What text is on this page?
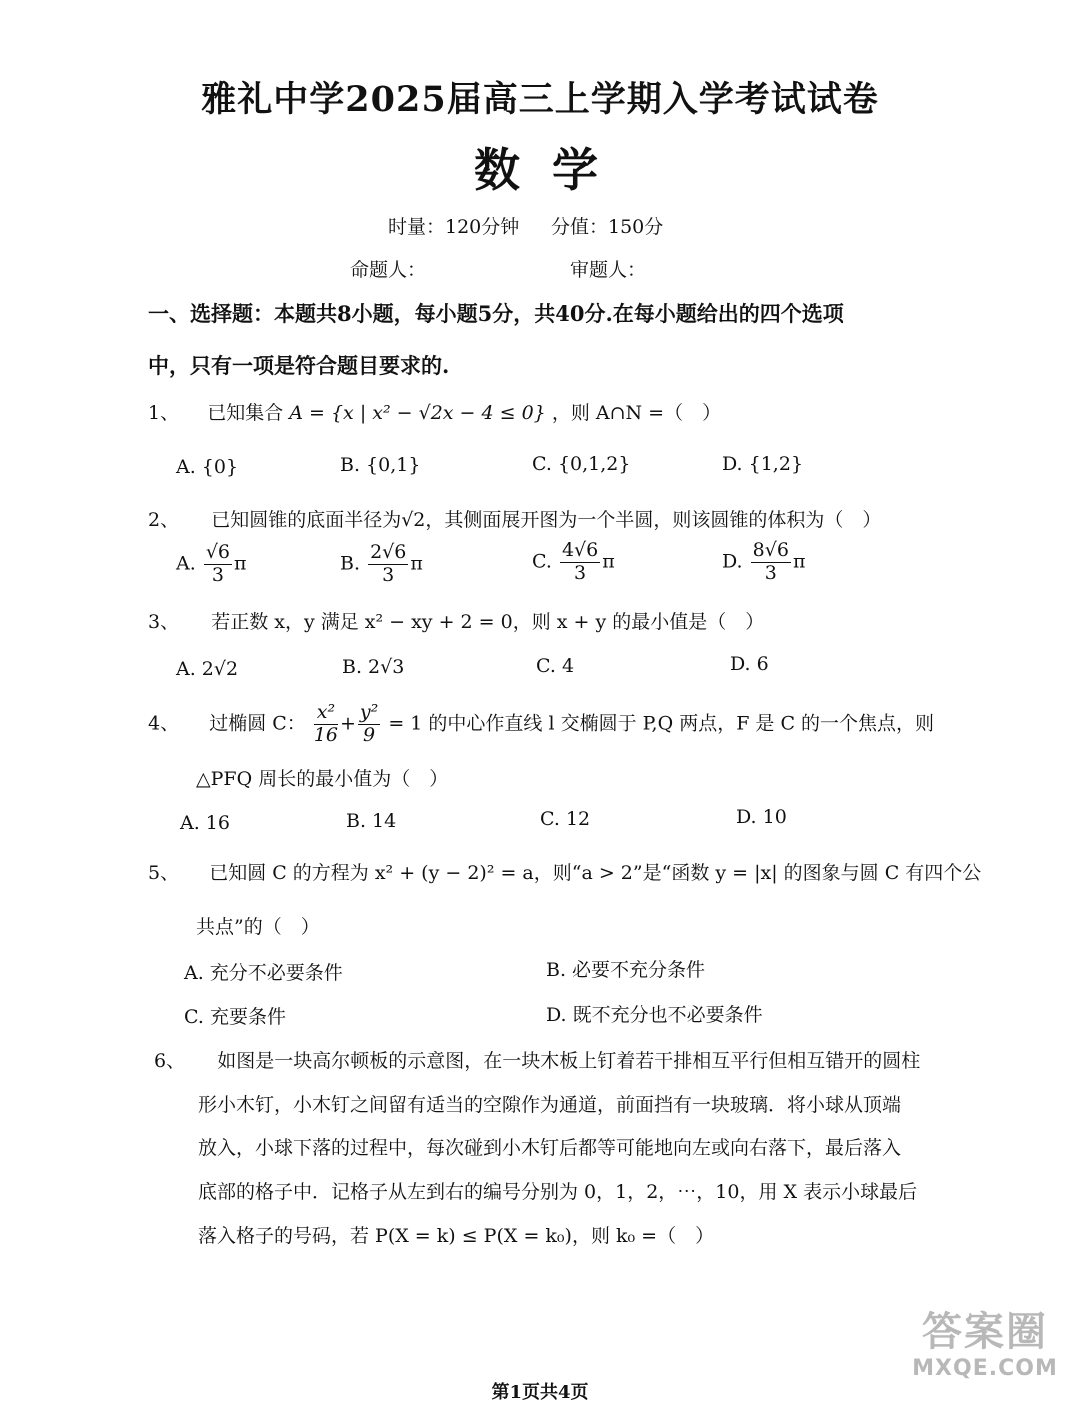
雅礼中学2025届高三上学期入学考试试卷
数 学
时量：120分钟 分值：150分
命题人：	审题人：
一、选择题：本题共8小题，每小题5分，共40分.在每小题给出的四个选项
中，只有一项是符合题目要求的.
1、 已知集合 A = {x | x² − √2x − 4 ≤ 0} ，则 A∩N =（　）
A. {0}	B. {0,1}	C. {0,1,2}	D. {1,2}
2、 已知圆锥的底面半径为√2，其侧面展开图为一个半圆，则该圆锥的体积为（　）
A. $\frac{√6}{3}$ π	B. $\frac{2√6}{3}$ π	C. $\frac{4√6}{3}$ π	D. $\frac{8√6}{3}$ π
3、 若正数 x，y 满足 x² − xy + 2 = 0，则 x + y 的最小值是（　）
A. 2√2	B. 2√3	C. 4	D. 6
4、 过椭圆 C： $\frac{\text{x²}}{16} + \frac{\text{y²}}{9} = 1$ 的中心作直线 l 交椭圆于 P,Q 两点，F 是 C 的一个焦点，则
△PFQ 周长的最小值为（　）
A. 16	B. 14	C. 12	D. 10
5、 已知圆 C 的方程为 x² + (y − 2)² = a，则“a > 2”是“函数 y = |x| 的图象与圆 C 有四个公
共点”的（　）
A. 充分不必要条件	B. 必要不充分条件
C. 充要条件	D. 既不充分也不必要条件
6、 如图是一块高尔顿板的示意图，在一块木板上钉着若干排相互平行但相互错开的圆柱
形小木钉，小木钉之间留有适当的空隙作为通道，前面挡有一块玻璃．将小球从顶端
放入，小球下落的过程中，每次碰到小木钉后都等可能地向左或向右落下，最后落入
底部的格子中．记格子从左到右的编号分别为 0，1，2，⋯，10，用 X 表示小球最后
落入格子的号码，若 P(X = k) ≤ P(X = k₀)，则 k₀ =（　）
第1页共4页
答案圈
MXQE.COM
